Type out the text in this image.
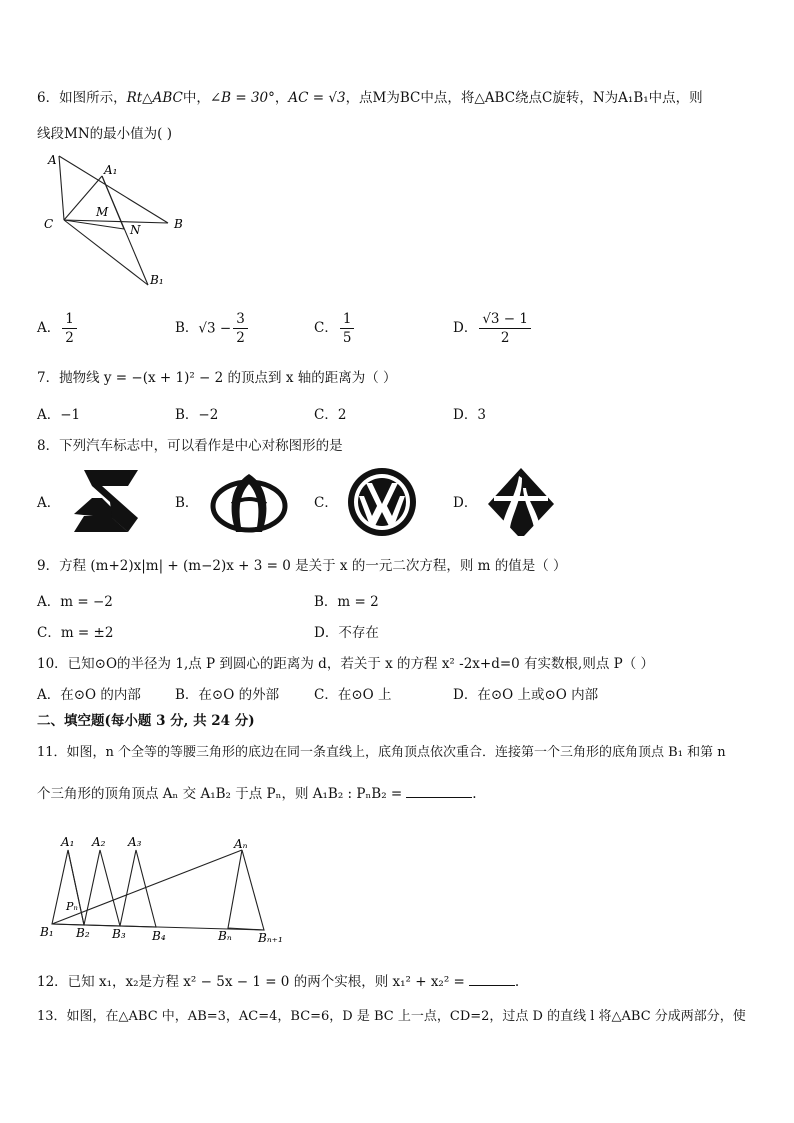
6．如图所示，Rt△ABC中，∠B = 30°，AC = √3，点M为BC中点，将△ABC绕点C旋转，N为A₁B₁中点，则
线段MN的最小值为( )
A
A₁
C
M
N	B
B₁
A． $\frac{1}{2}$	B．$√3 - \frac{3}{2}$	C． $\frac{1}{5}$	D． $\frac{√3 - 1}{2}$
7．抛物线 y = −(x + 1)² − 2 的顶点到 x 轴的距离为（ ）
A．−1	B．−2	C．2	D．3
8．下列汽车标志中，可以看作是中心对称图形的是
A．	B．	C．	D．
9．方程 (m+2)x|m| + (m−2)x + 3 = 0 是关于 x 的一元二次方程，则 m 的值是（ ）
A．m = −2	B．m = 2
C．m = ±2	D．不存在
10．已知⊙O的半径为 1,点 P 到圆心的距离为 d，若关于 x 的方程 x² -2x+d=0 有实数根,则点 P（ ）
A．在⊙O 的内部	B．在⊙O 的外部	C．在⊙O 上	D．在⊙O 上或⊙O 内部
二、填空题(每小题 3 分, 共 24 分)
11．如图，n 个全等的等腰三角形的底边在同一条直线上，底角顶点依次重合．连接第一个三角形的底角顶点 B₁ 和第 n
个三角形的顶角顶点 Aₙ 交 A₁B₂ 于点 Pₙ，则 A₁B₂ : PₙB₂ =	.
A₁ A₂ A₃	Aₙ
Pₙ
B₁ B₂ B₃ B₄	Bₙ Bₙ₊₁
12．已知 x₁，x₂是方程 x² − 5x − 1 = 0 的两个实根，则 x₁² + x₂² =	.
13．如图，在△ABC 中，AB=3，AC=4，BC=6，D 是 BC 上一点，CD=2，过点 D 的直线 l 将△ABC 分成两部分，使
